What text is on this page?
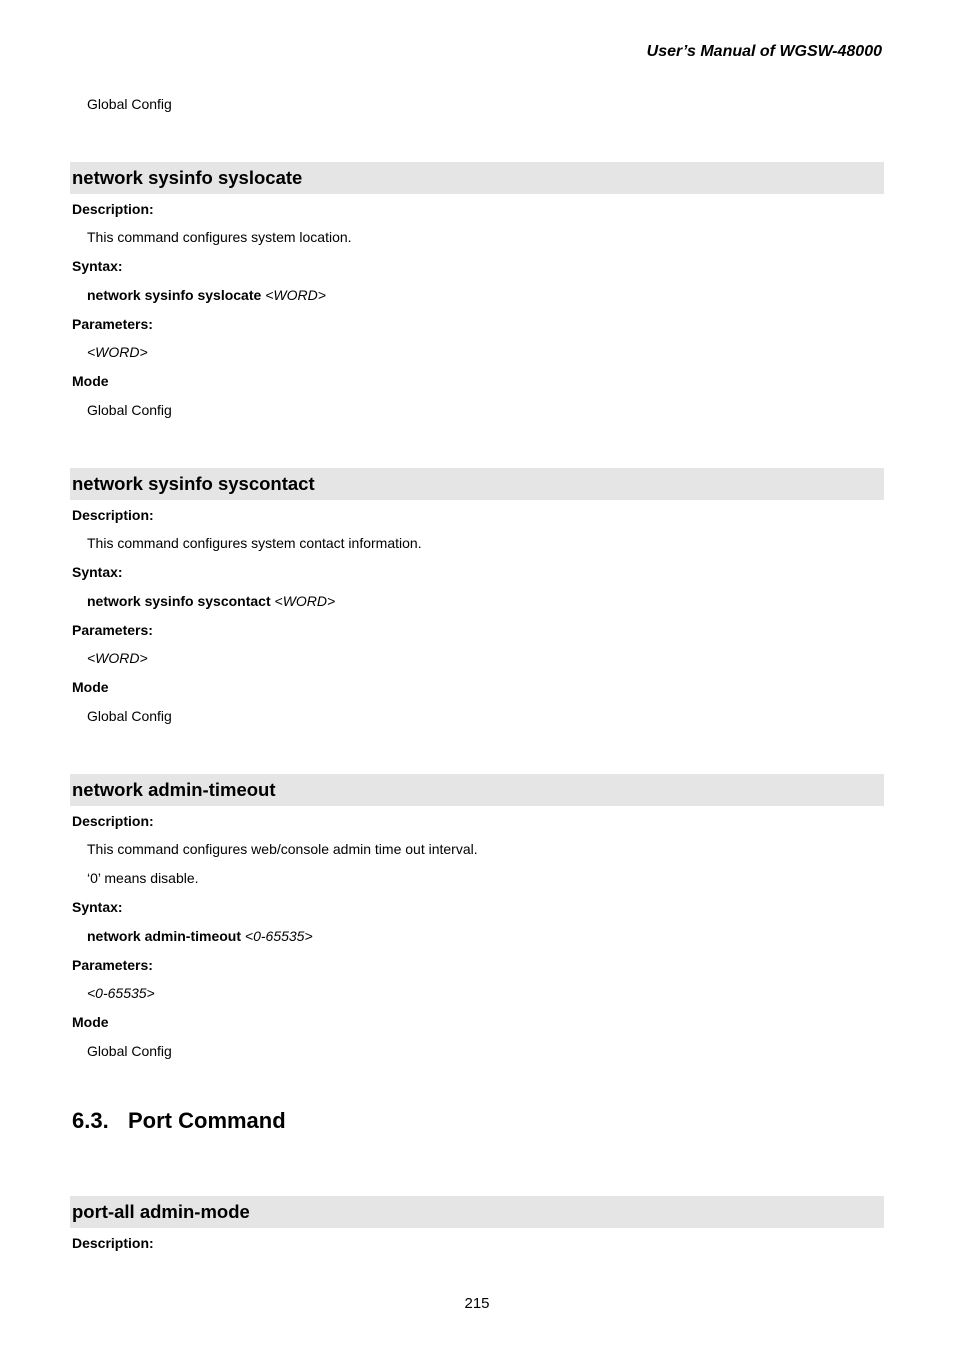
User’s Manual of WGSW-48000
Global Config
network sysinfo syslocate
Description:
This command configures system location.
Syntax:
network sysinfo syslocate <WORD>
Parameters:
<WORD>
Mode
Global Config
network sysinfo syscontact
Description:
This command configures system contact information.
Syntax:
network sysinfo syscontact <WORD>
Parameters:
<WORD>
Mode
Global Config
network admin-timeout
Description:
This command configures web/console admin time out interval.
‘0’ means disable.
Syntax:
network admin-timeout <0-65535>
Parameters:
<0-65535>
Mode
Global Config
6.3. Port Command
port-all admin-mode
Description:
215
